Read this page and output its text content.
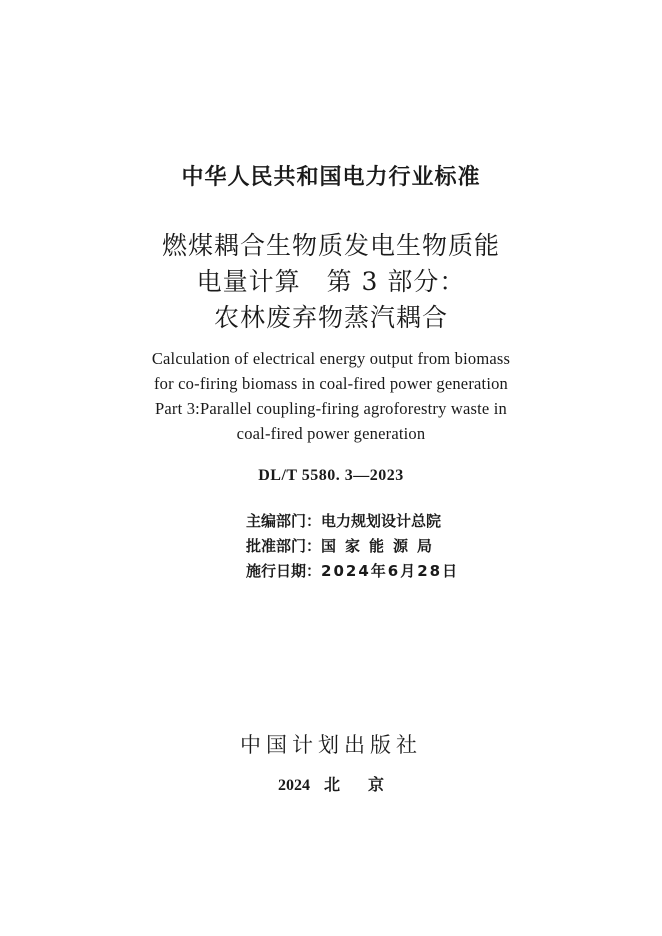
中华人民共和国电力行业标准
燃煤耦合生物质发电生物质能
电量计算　第 3 部分：
农林废弃物蒸汽耦合
Calculation of electrical energy output from biomass
for co-firing biomass in coal-fired power generation
Part 3:Parallel coupling-firing agroforestry waste in
coal-fired power generation
DL/T 5580. 3—2023
主编部门：电力规划设计总院
批准部门：国家能源局
施行日期：2024年6月28日
中国计划出版社
2024 北 京
